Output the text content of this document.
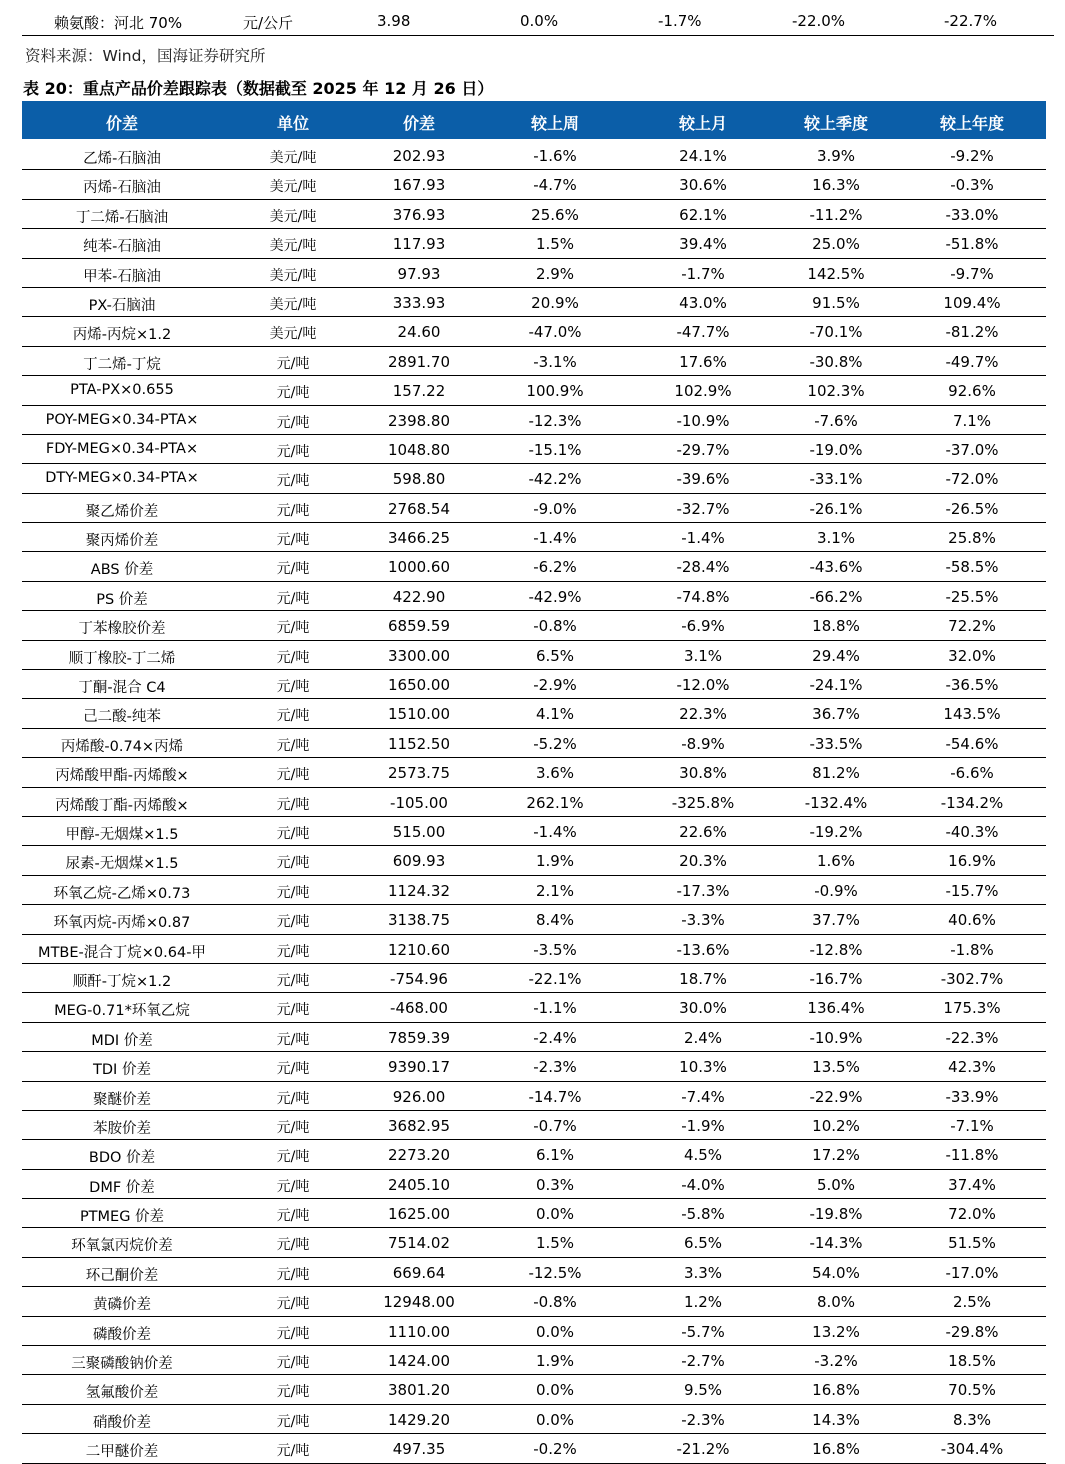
赖氨酸：河北 70%	元/公斤	3.98	0.0%	-1.7%	-22.0%	-22.7%
资料来源：Wind，国海证券研究所
表 20：重点产品价差跟踪表（数据截至 2025 年 12 月 26 日）
价差	单位	价差	较上周	较上月	较上季度	较上年度
乙烯-石脑油	美元/吨	202.93	-1.6%	24.1%	3.9%	-9.2%
丙烯-石脑油	美元/吨	167.93	-4.7%	30.6%	16.3%	-0.3%
丁二烯-石脑油	美元/吨	376.93	25.6%	62.1%	-11.2%	-33.0%
纯苯-石脑油	美元/吨	117.93	1.5%	39.4%	25.0%	-51.8%
甲苯-石脑油	美元/吨	97.93	2.9%	-1.7%	142.5%	-9.7%
PX-石脑油	美元/吨	333.93	20.9%	43.0%	91.5%	109.4%
丙烯-丙烷×1.2	美元/吨	24.60	-47.0%	-47.7%	-70.1%	-81.2%
丁二烯-丁烷	元/吨	2891.70	-3.1%	17.6%	-30.8%	-49.7%
PTA-PX×0.655	元/吨	157.22	100.9%	102.9%	102.3%	92.6%
POY-MEG×0.34-PTA×	元/吨	2398.80	-12.3%	-10.9%	-7.6%	7.1%
FDY-MEG×0.34-PTA×	元/吨	1048.80	-15.1%	-29.7%	-19.0%	-37.0%
DTY-MEG×0.34-PTA×	元/吨	598.80	-42.2%	-39.6%	-33.1%	-72.0%
聚乙烯价差	元/吨	2768.54	-9.0%	-32.7%	-26.1%	-26.5%
聚丙烯价差	元/吨	3466.25	-1.4%	-1.4%	3.1%	25.8%
ABS 价差	元/吨	1000.60	-6.2%	-28.4%	-43.6%	-58.5%
PS 价差	元/吨	422.90	-42.9%	-74.8%	-66.2%	-25.5%
丁苯橡胶价差	元/吨	6859.59	-0.8%	-6.9%	18.8%	72.2%
顺丁橡胶-丁二烯	元/吨	3300.00	6.5%	3.1%	29.4%	32.0%
丁酮-混合 C4	元/吨	1650.00	-2.9%	-12.0%	-24.1%	-36.5%
己二酸-纯苯	元/吨	1510.00	4.1%	22.3%	36.7%	143.5%
丙烯酸-0.74×丙烯	元/吨	1152.50	-5.2%	-8.9%	-33.5%	-54.6%
丙烯酸甲酯-丙烯酸×	元/吨	2573.75	3.6%	30.8%	81.2%	-6.6%
丙烯酸丁酯-丙烯酸×	元/吨	-105.00	262.1%	-325.8%	-132.4%	-134.2%
甲醇-无烟煤×1.5	元/吨	515.00	-1.4%	22.6%	-19.2%	-40.3%
尿素-无烟煤×1.5	元/吨	609.93	1.9%	20.3%	1.6%	16.9%
环氧乙烷-乙烯×0.73	元/吨	1124.32	2.1%	-17.3%	-0.9%	-15.7%
环氧丙烷-丙烯×0.87	元/吨	3138.75	8.4%	-3.3%	37.7%	40.6%
MTBE-混合丁烷×0.64-甲	元/吨	1210.60	-3.5%	-13.6%	-12.8%	-1.8%
顺酐-丁烷×1.2	元/吨	-754.96	-22.1%	18.7%	-16.7%	-302.7%
MEG-0.71*环氧乙烷	元/吨	-468.00	-1.1%	30.0%	136.4%	175.3%
MDI 价差	元/吨	7859.39	-2.4%	2.4%	-10.9%	-22.3%
TDI 价差	元/吨	9390.17	-2.3%	10.3%	13.5%	42.3%
聚醚价差	元/吨	926.00	-14.7%	-7.4%	-22.9%	-33.9%
苯胺价差	元/吨	3682.95	-0.7%	-1.9%	10.2%	-7.1%
BDO 价差	元/吨	2273.20	6.1%	4.5%	17.2%	-11.8%
DMF 价差	元/吨	2405.10	0.3%	-4.0%	5.0%	37.4%
PTMEG 价差	元/吨	1625.00	0.0%	-5.8%	-19.8%	72.0%
环氧氯丙烷价差	元/吨	7514.02	1.5%	6.5%	-14.3%	51.5%
环己酮价差	元/吨	669.64	-12.5%	3.3%	54.0%	-17.0%
黄磷价差	元/吨	12948.00	-0.8%	1.2%	8.0%	2.5%
磷酸价差	元/吨	1110.00	0.0%	-5.7%	13.2%	-29.8%
三聚磷酸钠价差	元/吨	1424.00	1.9%	-2.7%	-3.2%	18.5%
氢氟酸价差	元/吨	3801.20	0.0%	9.5%	16.8%	70.5%
硝酸价差	元/吨	1429.20	0.0%	-2.3%	14.3%	8.3%
二甲醚价差	元/吨	497.35	-0.2%	-21.2%	16.8%	-304.4%
